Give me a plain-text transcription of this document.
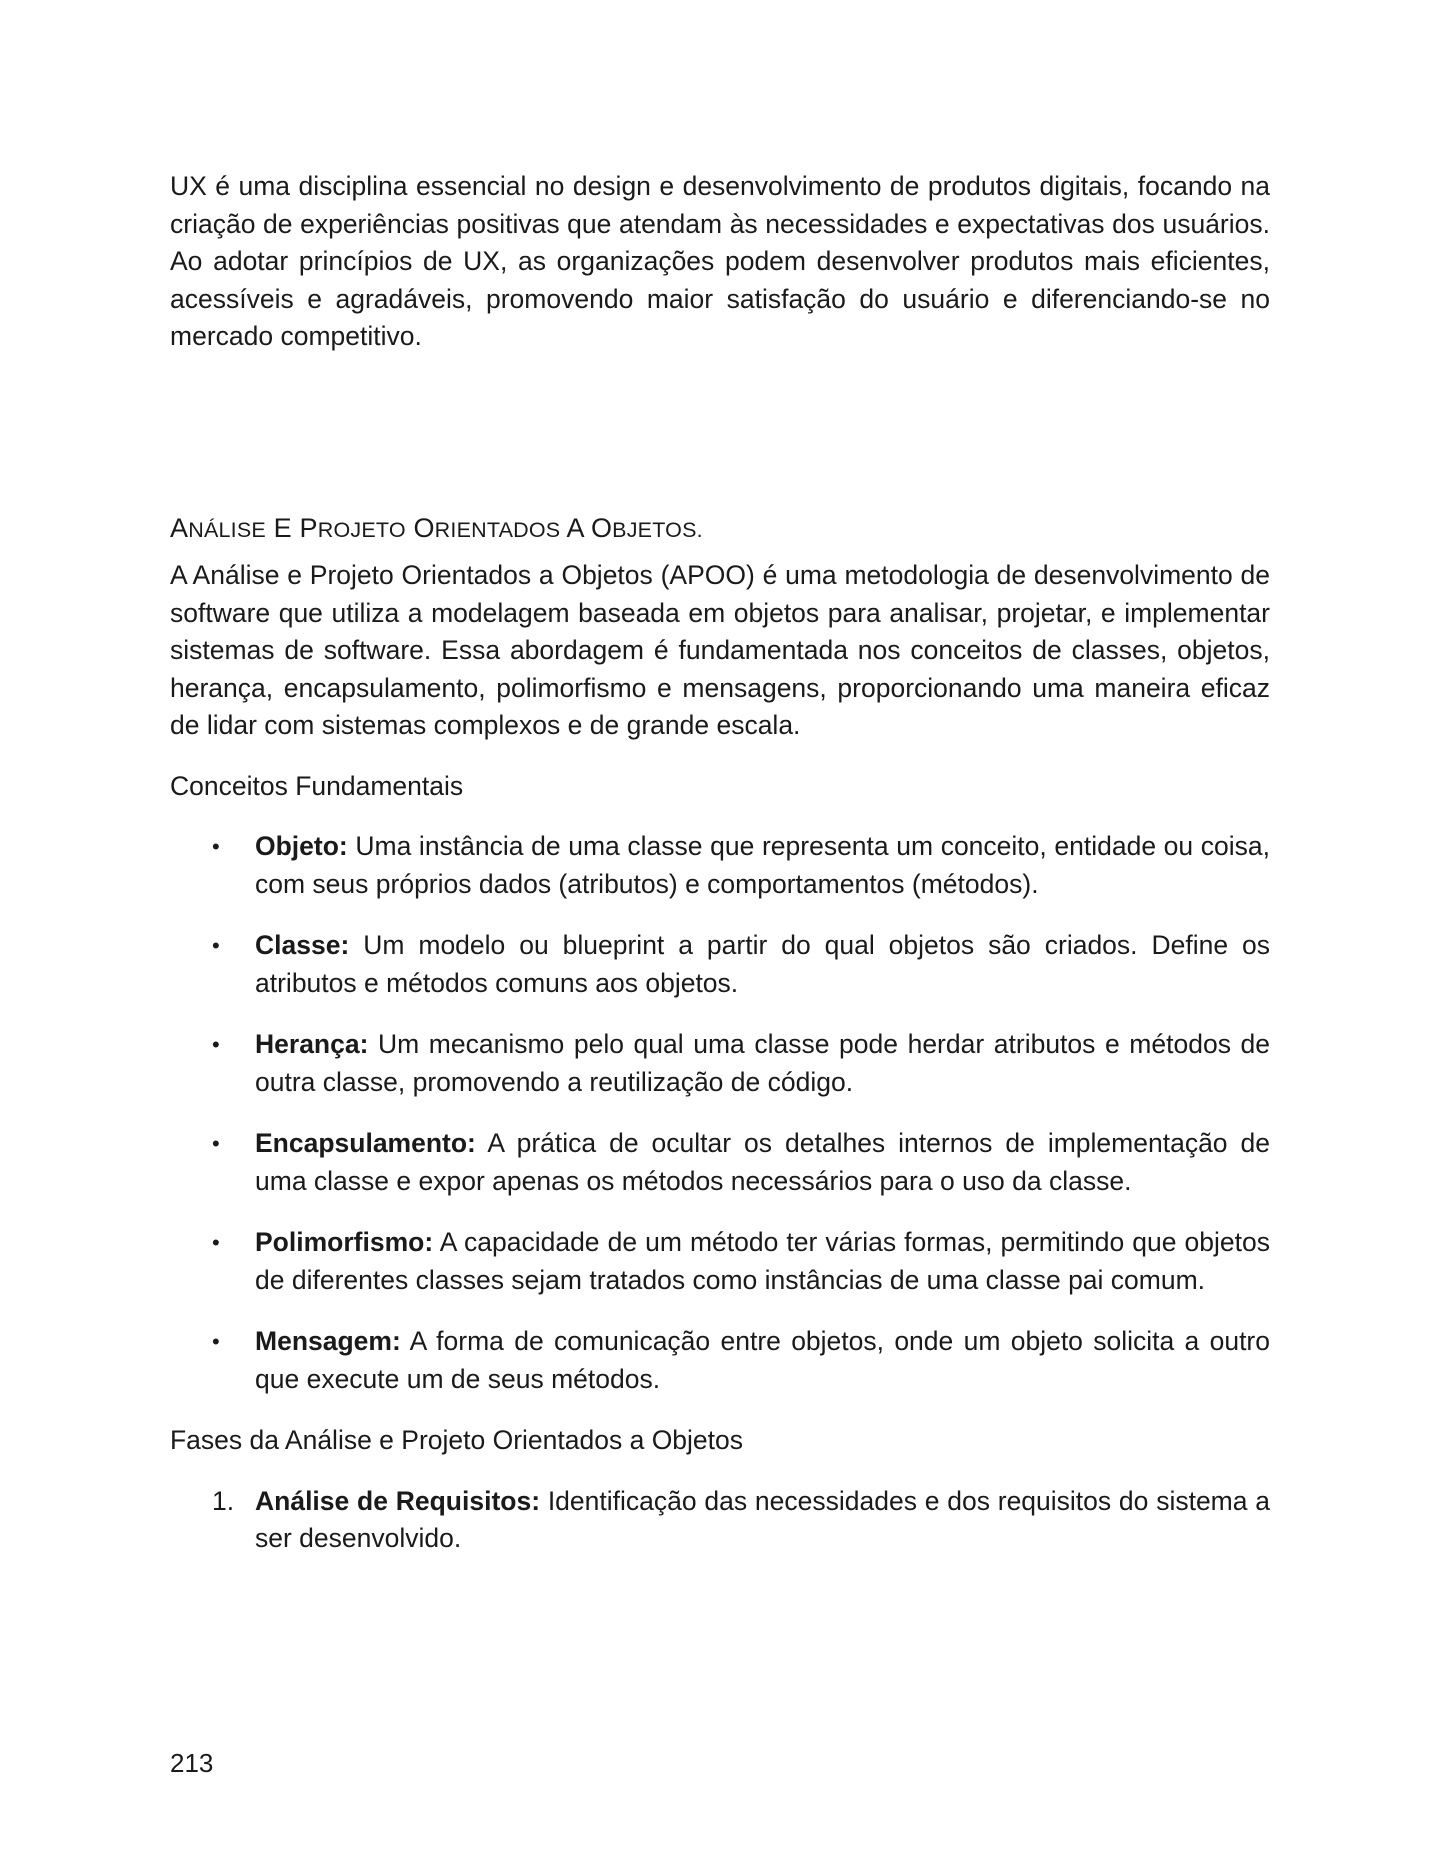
UX é uma disciplina essencial no design e desenvolvimento de produtos digitais, focando na criação de experiências positivas que atendam às necessidades e expectativas dos usuários. Ao adotar princípios de UX, as organizações podem desenvolver produtos mais eficientes, acessíveis e agradáveis, promovendo maior satisfação do usuário e diferenciando-se no mercado competitivo.

ANÁLISE E PROJETO ORIENTADOS A OBJETOS.

A Análise e Projeto Orientados a Objetos (APOO) é uma metodologia de desenvolvimento de software que utiliza a modelagem baseada em objetos para analisar, projetar, e implementar sistemas de software. Essa abordagem é fundamentada nos conceitos de classes, objetos, herança, encapsulamento, polimorfismo e mensagens, proporcionando uma maneira eficaz de lidar com sistemas complexos e de grande escala.

Conceitos Fundamentais

• Objeto: Uma instância de uma classe que representa um conceito, entidade ou coisa, com seus próprios dados (atributos) e comportamentos (métodos).
• Classe: Um modelo ou blueprint a partir do qual objetos são criados. Define os atributos e métodos comuns aos objetos.
• Herança: Um mecanismo pelo qual uma classe pode herdar atributos e métodos de outra classe, promovendo a reutilização de código.
• Encapsulamento: A prática de ocultar os detalhes internos de implementação de uma classe e expor apenas os métodos necessários para o uso da classe.
• Polimorfismo: A capacidade de um método ter várias formas, permitindo que objetos de diferentes classes sejam tratados como instâncias de uma classe pai comum.
• Mensagem: A forma de comunicação entre objetos, onde um objeto solicita a outro que execute um de seus métodos.

Fases da Análise e Projeto Orientados a Objetos

1. Análise de Requisitos: Identificação das necessidades e dos requisitos do sistema a ser desenvolvido.
213
